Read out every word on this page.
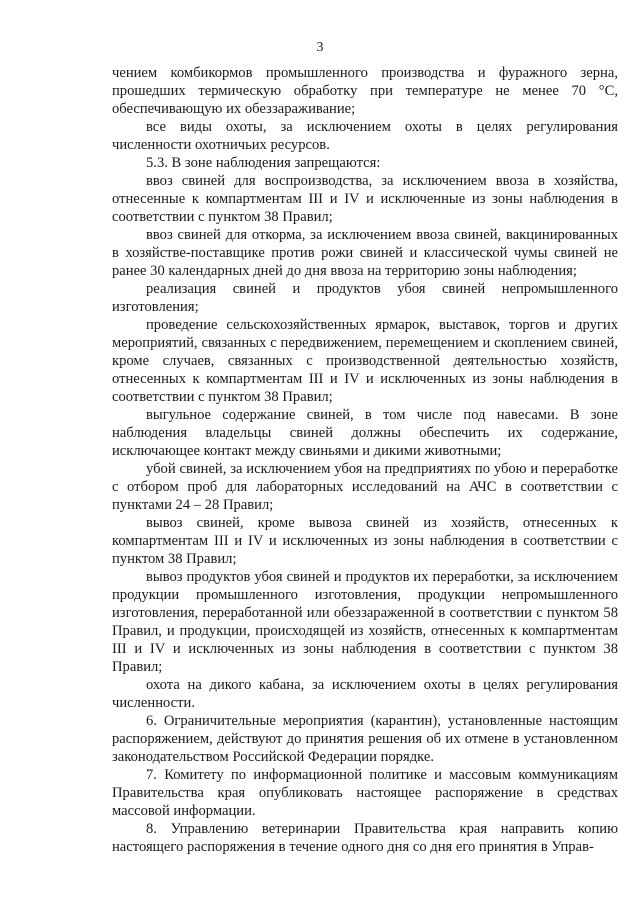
3

чением комбикормов промышленного производства и фуражного зерна, прошедших термическую обработку при температуре не менее 70 °С, обеспечивающую их обеззараживание;

все виды охоты, за исключением охоты в целях регулирования численности охотничьих ресурсов.

5.3. В зоне наблюдения запрещаются:

ввоз свиней для воспроизводства, за исключением ввоза в хозяйства, отнесенные к компартментам III и IV и исключенные из зоны наблюдения в соответствии с пунктом 38 Правил;

ввоз свиней для откорма, за исключением ввоза свиней, вакцинированных в хозяйстве-поставщике против рожи свиней и классической чумы свиней не ранее 30 календарных дней до дня ввоза на территорию зоны наблюдения;

реализация свиней и продуктов убоя свиней непромышленного изготовления;

проведение сельскохозяйственных ярмарок, выставок, торгов и других мероприятий, связанных с передвижением, перемещением и скоплением свиней, кроме случаев, связанных с производственной деятельностью хозяйств, отнесенных к компартментам III и IV и исключенных из зоны наблюдения в соответствии с пунктом 38 Правил;

выгульное содержание свиней, в том числе под навесами. В зоне наблюдения владельцы свиней должны обеспечить их содержание, исключающее контакт между свиньями и дикими животными;

убой свиней, за исключением убоя на предприятиях по убою и переработке с отбором проб для лабораторных исследований на АЧС в соответствии с пунктами 24 – 28 Правил;

вывоз свиней, кроме вывоза свиней из хозяйств, отнесенных к компартментам III и IV и исключенных из зоны наблюдения в соответствии с пунктом 38 Правил;

вывоз продуктов убоя свиней и продуктов их переработки, за исключением продукции промышленного изготовления, продукции непромышленного изготовления, переработанной или обеззараженной в соответствии с пунктом 58 Правил, и продукции, происходящей из хозяйств, отнесенных к компартментам III и IV и исключенных из зоны наблюдения в соответствии с пунктом 38 Правил;

охота на дикого кабана, за исключением охоты в целях регулирования численности.

6. Ограничительные мероприятия (карантин), установленные настоящим распоряжением, действуют до принятия решения об их отмене в установленном законодательством Российской Федерации порядке.

7. Комитету по информационной политике и массовым коммуникациям Правительства края опубликовать настоящее распоряжение в средствах массовой информации.

8. Управлению ветеринарии Правительства края направить копию настоящего распоряжения в течение одного дня со дня его принятия в Управ-
